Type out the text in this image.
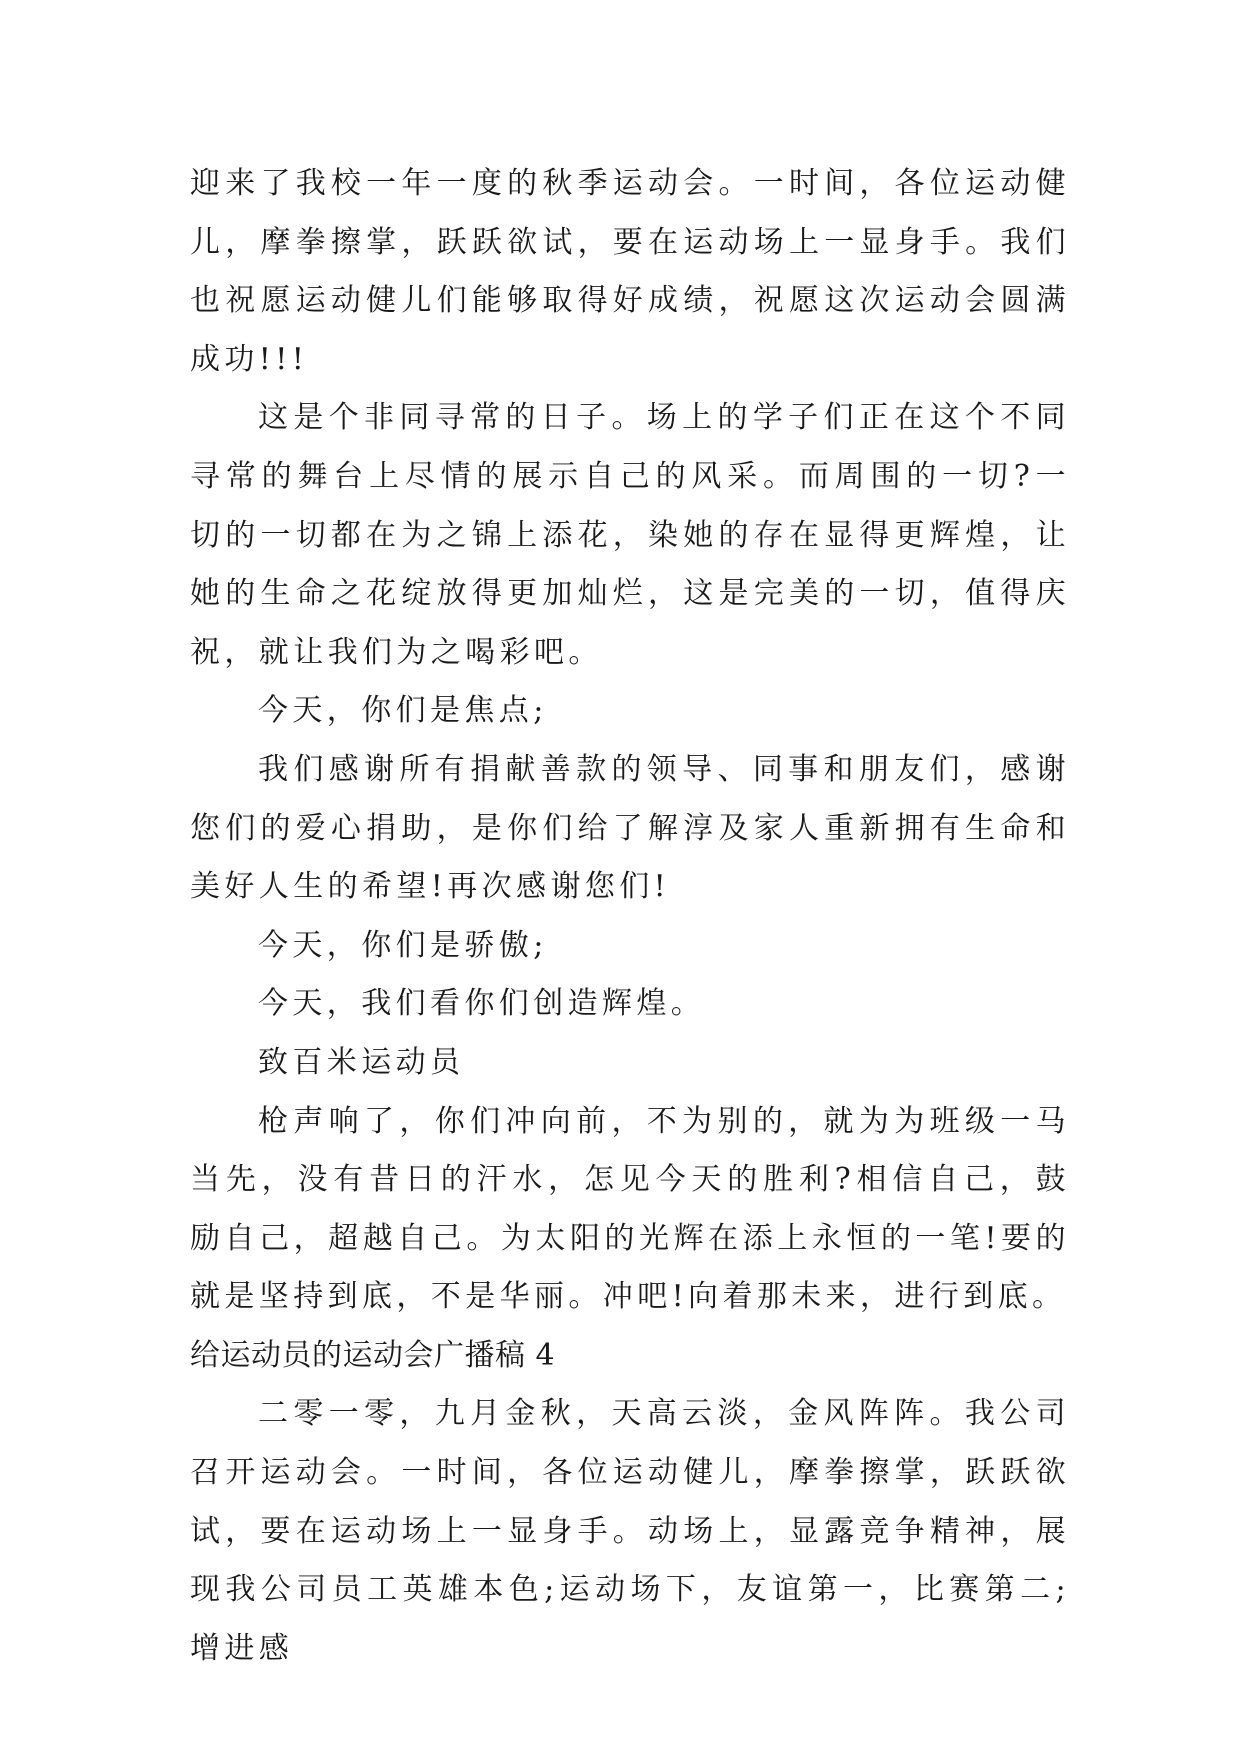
迎来了我校一年一度的秋季运动会。一时间，各位运动健儿，摩拳擦掌，跃跃欲试，要在运动场上一显身手。我们也祝愿运动健儿们能够取得好成绩，祝愿这次运动会圆满成功!!!

这是个非同寻常的日子。场上的学子们正在这个不同寻常的舞台上尽情的展示自己的风采。而周围的一切?一切的一切都在为之锦上添花，染她的存在显得更辉煌，让她的生命之花绽放得更加灿烂，这是完美的一切，值得庆祝，就让我们为之喝彩吧。

今天，你们是焦点;

我们感谢所有捐献善款的领导、同事和朋友们，感谢您们的爱心捐助，是你们给了解淳及家人重新拥有生命和美好人生的希望!再次感谢您们!

今天，你们是骄傲;

今天，我们看你们创造辉煌。

致百米运动员

枪声响了，你们冲向前，不为别的，就为为班级一马当先，没有昔日的汗水，怎见今天的胜利?相信自己，鼓励自己，超越自己。为太阳的光辉在添上永恒的一笔!要的就是坚持到底，不是华丽。冲吧!向着那未来，进行到底。

给运动员的运动会广播稿 4

二零一零，九月金秋，天高云淡，金风阵阵。我公司召开运动会。一时间，各位运动健儿，摩拳擦掌，跃跃欲试，要在运动场上一显身手。动场上，显露竞争精神，展现我公司员工英雄本色;运动场下，友谊第一，比赛第二;增进感
